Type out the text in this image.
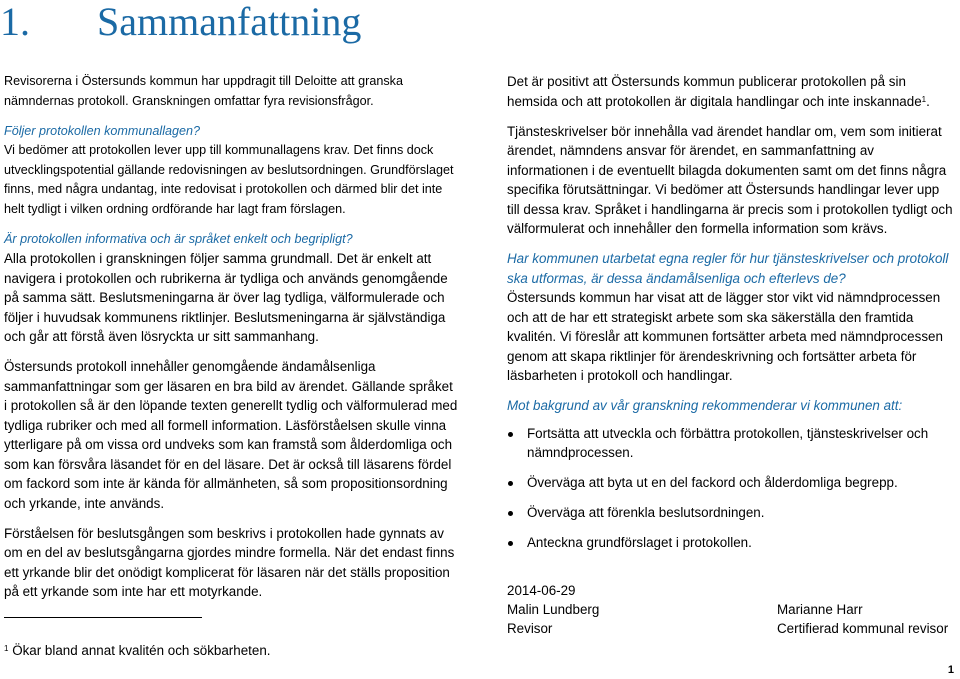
1. Sammanfattning

Revisorerna i Östersunds kommun har uppdragit till Deloitte att granska nämndernas protokoll. Granskningen omfattar fyra revisionsfrågor.

Följer protokollen kommunallagen?

Vi bedömer att protokollen lever upp till kommunallagens krav. Det finns dock utvecklingspotential gällande redovisningen av beslutsordningen. Grundförslaget finns, med några undantag, inte redovisat i protokollen och därmed blir det inte helt tydligt i vilken ordning ordförande har lagt fram förslagen.

Är protokollen informativa och är språket enkelt och begripligt?

Alla protokollen i granskningen följer samma grundmall. Det är enkelt att navigera i protokollen och rubrikerna är tydliga och används genomgående på samma sätt. Beslutsmeningarna är över lag tydliga, välformulerade och följer i huvudsak kommunens riktlinjer. Beslutsmeningarna är självständiga och går att förstå även lösryckta ur sitt sammanhang.

Östersunds protokoll innehåller genomgående ändamålsenliga sammanfattningar som ger läsaren en bra bild av ärendet. Gällande språket i protokollen så är den löpande texten generellt tydlig och välformulerad med tydliga rubriker och med all formell information. Läsförståelsen skulle vinna ytterligare på om vissa ord undveks som kan framstå som ålderdomliga och som kan försvåra läsandet för en del läsare. Det är också till läsarens fördel om fackord som inte är kända för allmänheten, så som propositionsordning och yrkande, inte används.

Förståelsen för beslutsgången som beskrivs i protokollen hade gynnats av om en del av beslutsgångarna gjordes mindre formella. När det endast finns ett yrkande blir det onödigt komplicerat för läsaren när det ställs proposition på ett yrkande som inte har ett motyrkande.

Det är positivt att Östersunds kommun publicerar protokollen på sin hemsida och att protokollen är digitala handlingar och inte inskannade$^1$.

Tjänsteskrivelser bör innehålla vad ärendet handlar om, vem som initierat ärendet, nämndens ansvar för ärendet, en sammanfattning av informationen i de eventuellt bilagda dokumenten samt om det finns några specifika förutsättningar. Vi bedömer att Östersunds handlingar lever upp till dessa krav. Språket i handlingarna är precis som i protokollen tydligt och välformulerat och innehåller den formella information som krävs.

Har kommunen utarbetat egna regler för hur tjänsteskrivelser och protokoll ska utformas, är dessa ändamålsenliga och efterlevs de?

Östersunds kommun har visat att de lägger stor vikt vid nämndprocessen och att de har ett strategiskt arbete som ska säkerställa den framtida kvalitén. Vi föreslår att kommunen fortsätter arbeta med nämndprocessen genom att skapa riktlinjer för ärendeskrivning och fortsätter arbeta för läsbarheten i protokoll och handlingar.

Mot bakgrund av vår granskning rekommenderar vi kommunen att:

Fortsätta att utveckla och förbättra protokollen, tjänsteskrivelser och nämndprocessen.
Överväga att byta ut en del fackord och ålderdomliga begrepp.
Överväga att förenkla beslutsordningen.
Anteckna grundförslaget i protokollen.
2014-06-29
Malin Lundberg
Revisor
Marianne Harr
Certifierad kommunal revisor
$^1$ Ökar bland annat kvalitén och sökbarheten.
1
